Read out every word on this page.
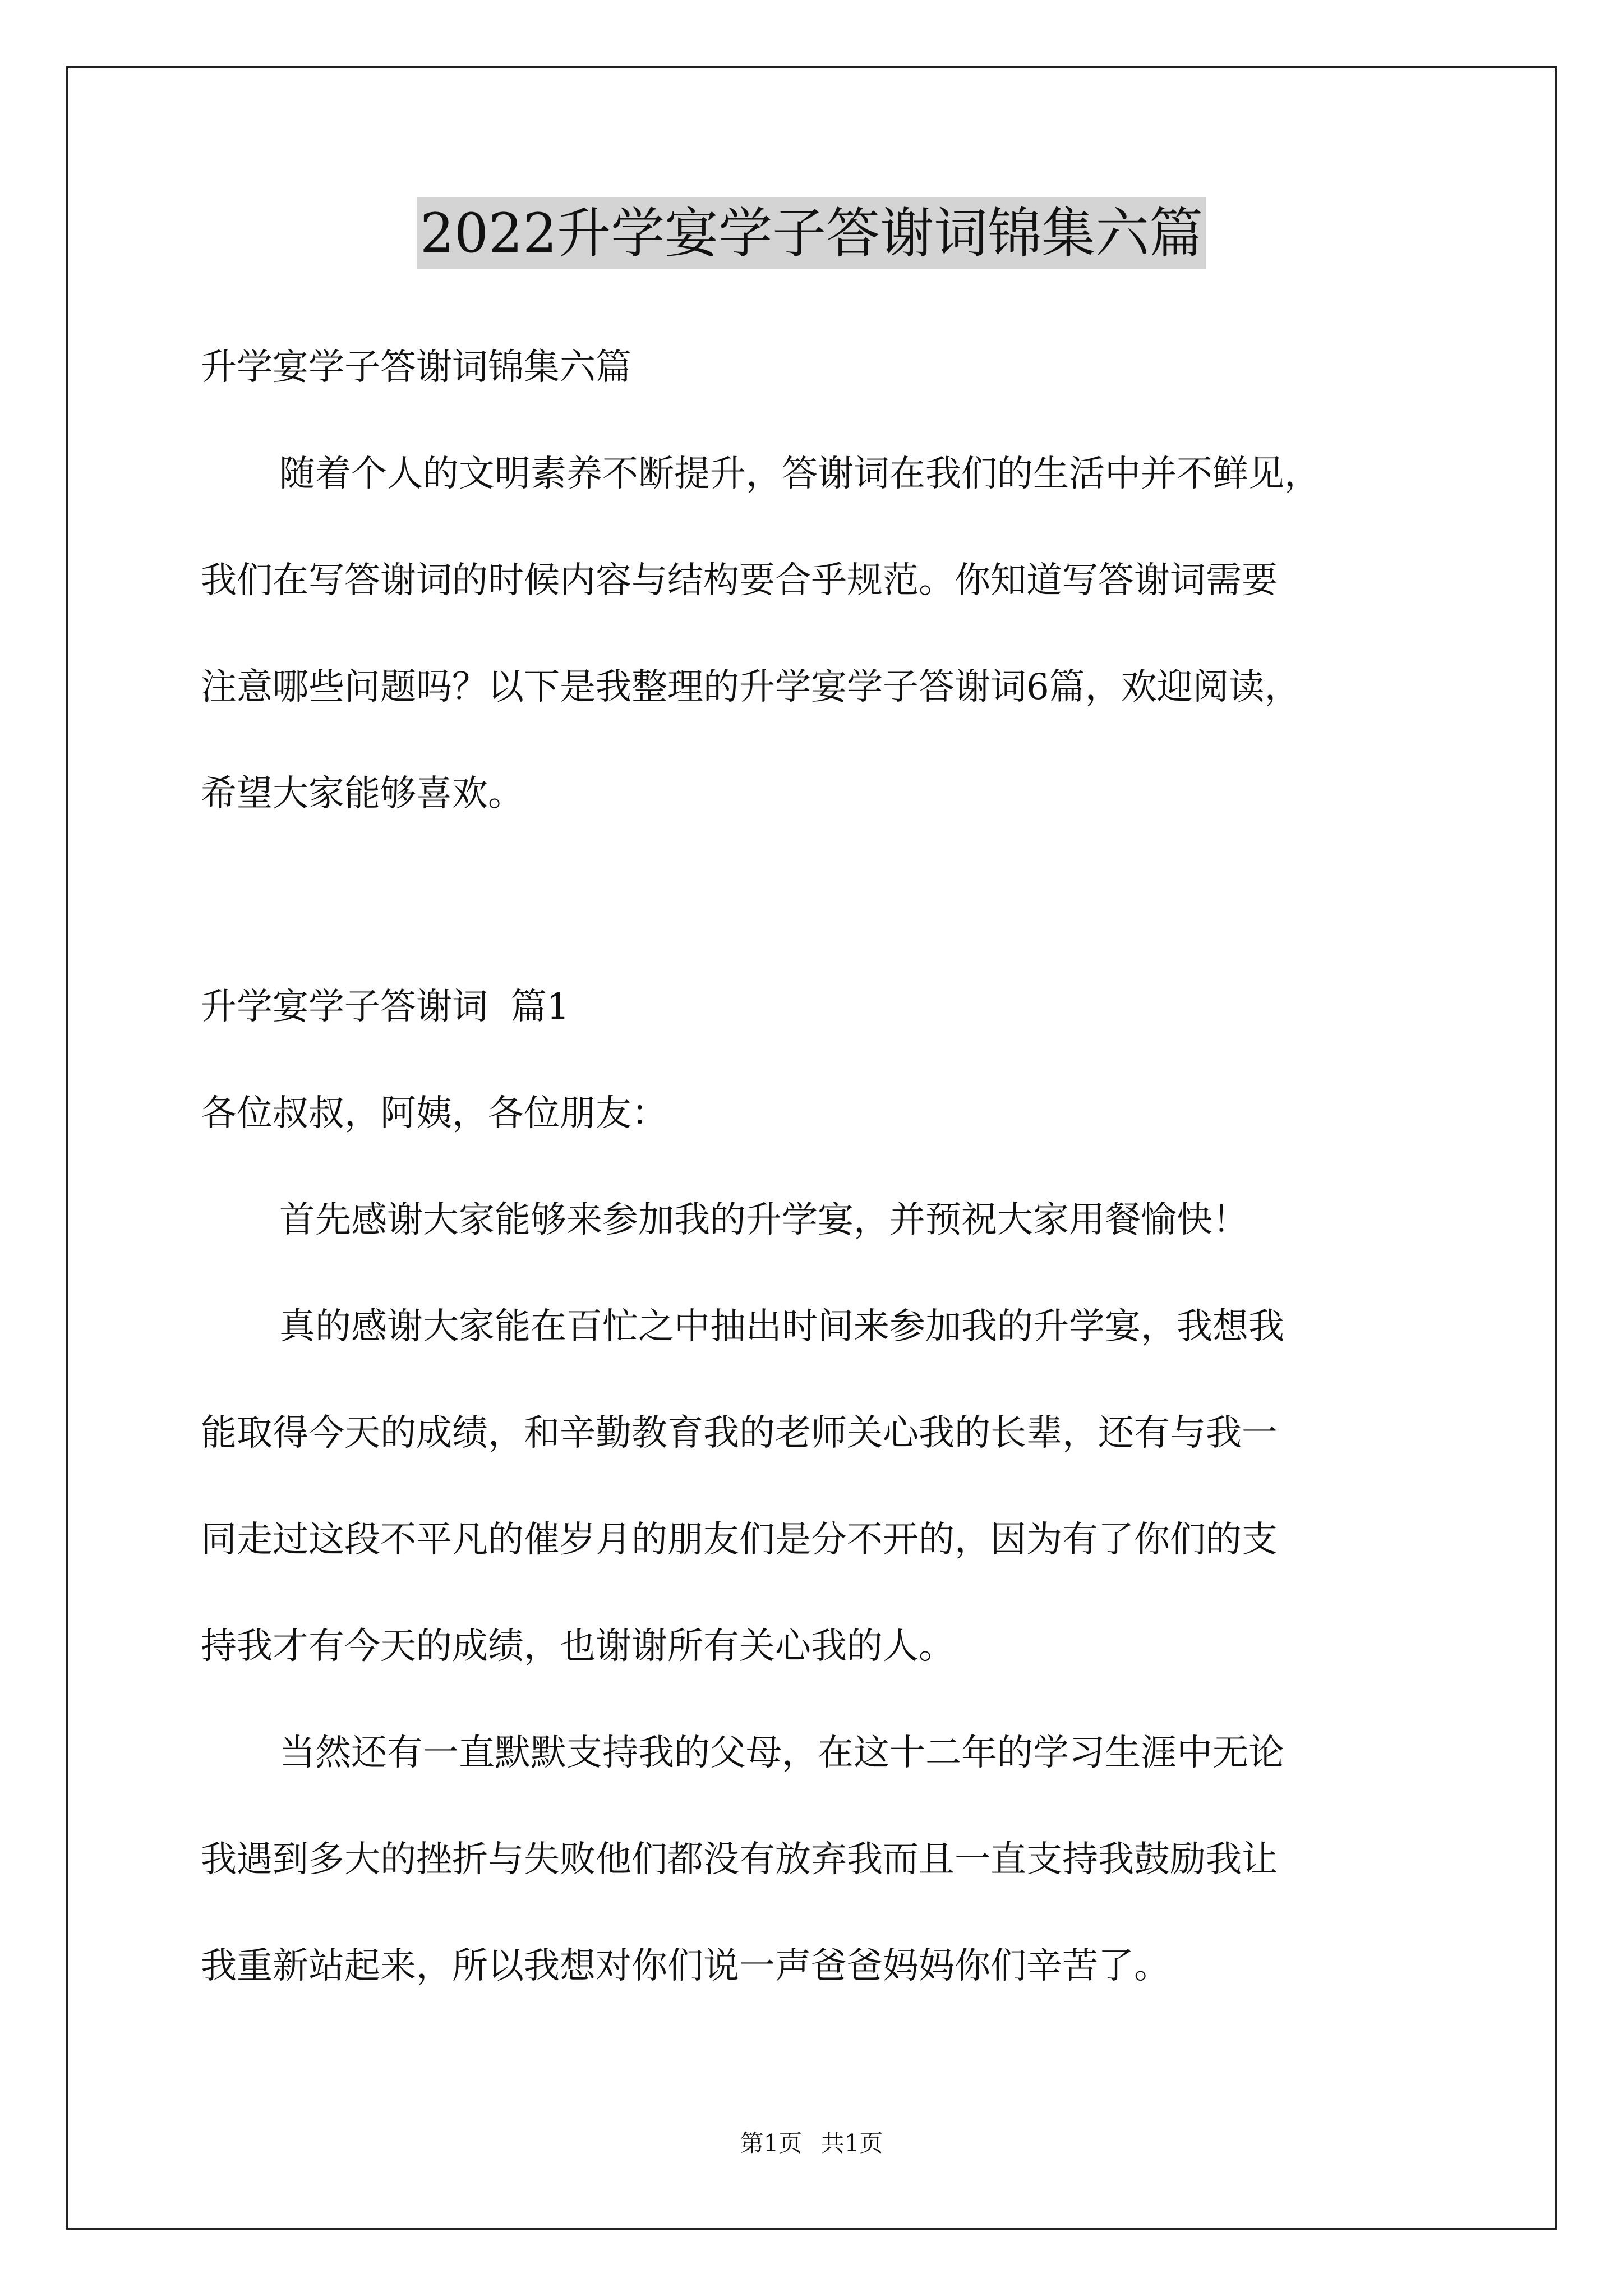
2022升学宴学子答谢词锦集六篇

升学宴学子答谢词锦集六篇

随着个人的文明素养不断提升，答谢词在我们的生活中并不鲜见，

我们在写答谢词的时候内容与结构要合乎规范。你知道写答谢词需要

注意哪些问题吗？以下是我整理的升学宴学子答谢词6篇，欢迎阅读，

希望大家能够喜欢。

升学宴学子答谢词  篇1

各位叔叔，阿姨，各位朋友：

首先感谢大家能够来参加我的升学宴，并预祝大家用餐愉快！

真的感谢大家能在百忙之中抽出时间来参加我的升学宴，我想我

能取得今天的成绩，和辛勤教育我的老师关心我的长辈，还有与我一

同走过这段不平凡的催岁月的朋友们是分不开的，因为有了你们的支

持我才有今天的成绩，也谢谢所有关心我的人。

当然还有一直默默支持我的父母，在这十二年的学习生涯中无论

我遇到多大的挫折与失败他们都没有放弃我而且一直支持我鼓励我让

我重新站起来，所以我想对你们说一声爸爸妈妈你们辛苦了。

第1页 共1页
